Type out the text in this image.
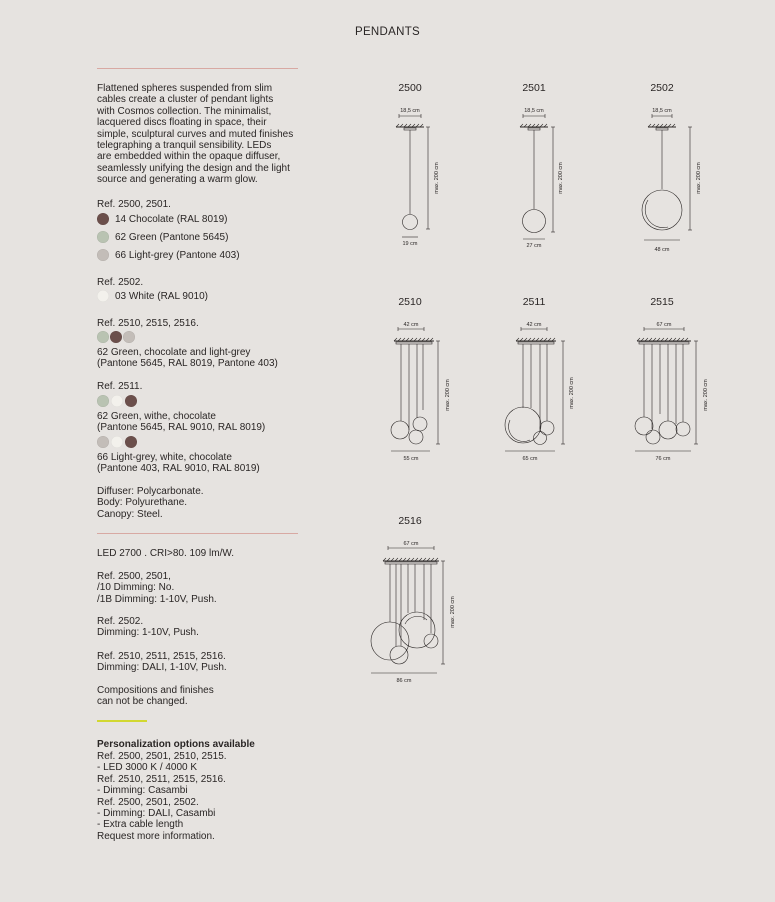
PENDANTS
Flattened spheres suspended from slim
cables create a cluster of pendant lights
with Cosmos collection. The minimalist,
lacquered discs floating in space, their
simple, sculptural curves and muted finishes
telegraphing a tranquil sensibility. LEDs
are embedded within the opaque diffuser,
seamlessly unifying the design and the light
source and generating a warm glow.
Ref. 2500, 2501.
14 Chocolate (RAL 8019)
62 Green (Pantone 5645)
66 Light-grey (Pantone 403)
Ref. 2502.
03 White (RAL 9010)
Ref. 2510, 2515, 2516.
62 Green, chocolate and light-grey
(Pantone 5645, RAL 8019, Pantone 403)
Ref. 2511.
62 Green, withe, chocolate
(Pantone 5645, RAL 9010, RAL 8019)
66 Light-grey, white, chocolate
(Pantone 403, RAL 9010, RAL 8019)
Diffuser: Polycarbonate.
Body: Polyurethane.
Canopy: Steel.
LED 2700 . CRI>80. 109 lm/W.
Ref. 2500, 2501,
/10 Dimming: No.
/1B Dimming: 1-10V, Push.
Ref. 2502.
Dimming: 1-10V, Push.
Ref. 2510, 2511, 2515, 2516.
Dimming: DALI, 1-10V, Push.
Compositions and finishes
can not be changed.
Personalization options available
Ref. 2500, 2501, 2510, 2515.
- LED 3000 K / 4000 K
Ref. 2510, 2511, 2515, 2516.
- Dimming: Casambi
Ref. 2500, 2501, 2502.
- Dimming: DALI, Casambi
- Extra cable length
Request more information.
2500	2501	2502
2510	2511	2515
2516
18,5 cm
max. 200 cm
19 cm
18,5 cm
max. 200 cm
27 cm
18,5 cm
max. 200 cm
48 cm
42 cm
max. 200 cm
55 cm
42 cm
max. 200 cm
65 cm
67 cm
max. 200 cm
76 cm
67 cm
max. 200 cm
86 cm
